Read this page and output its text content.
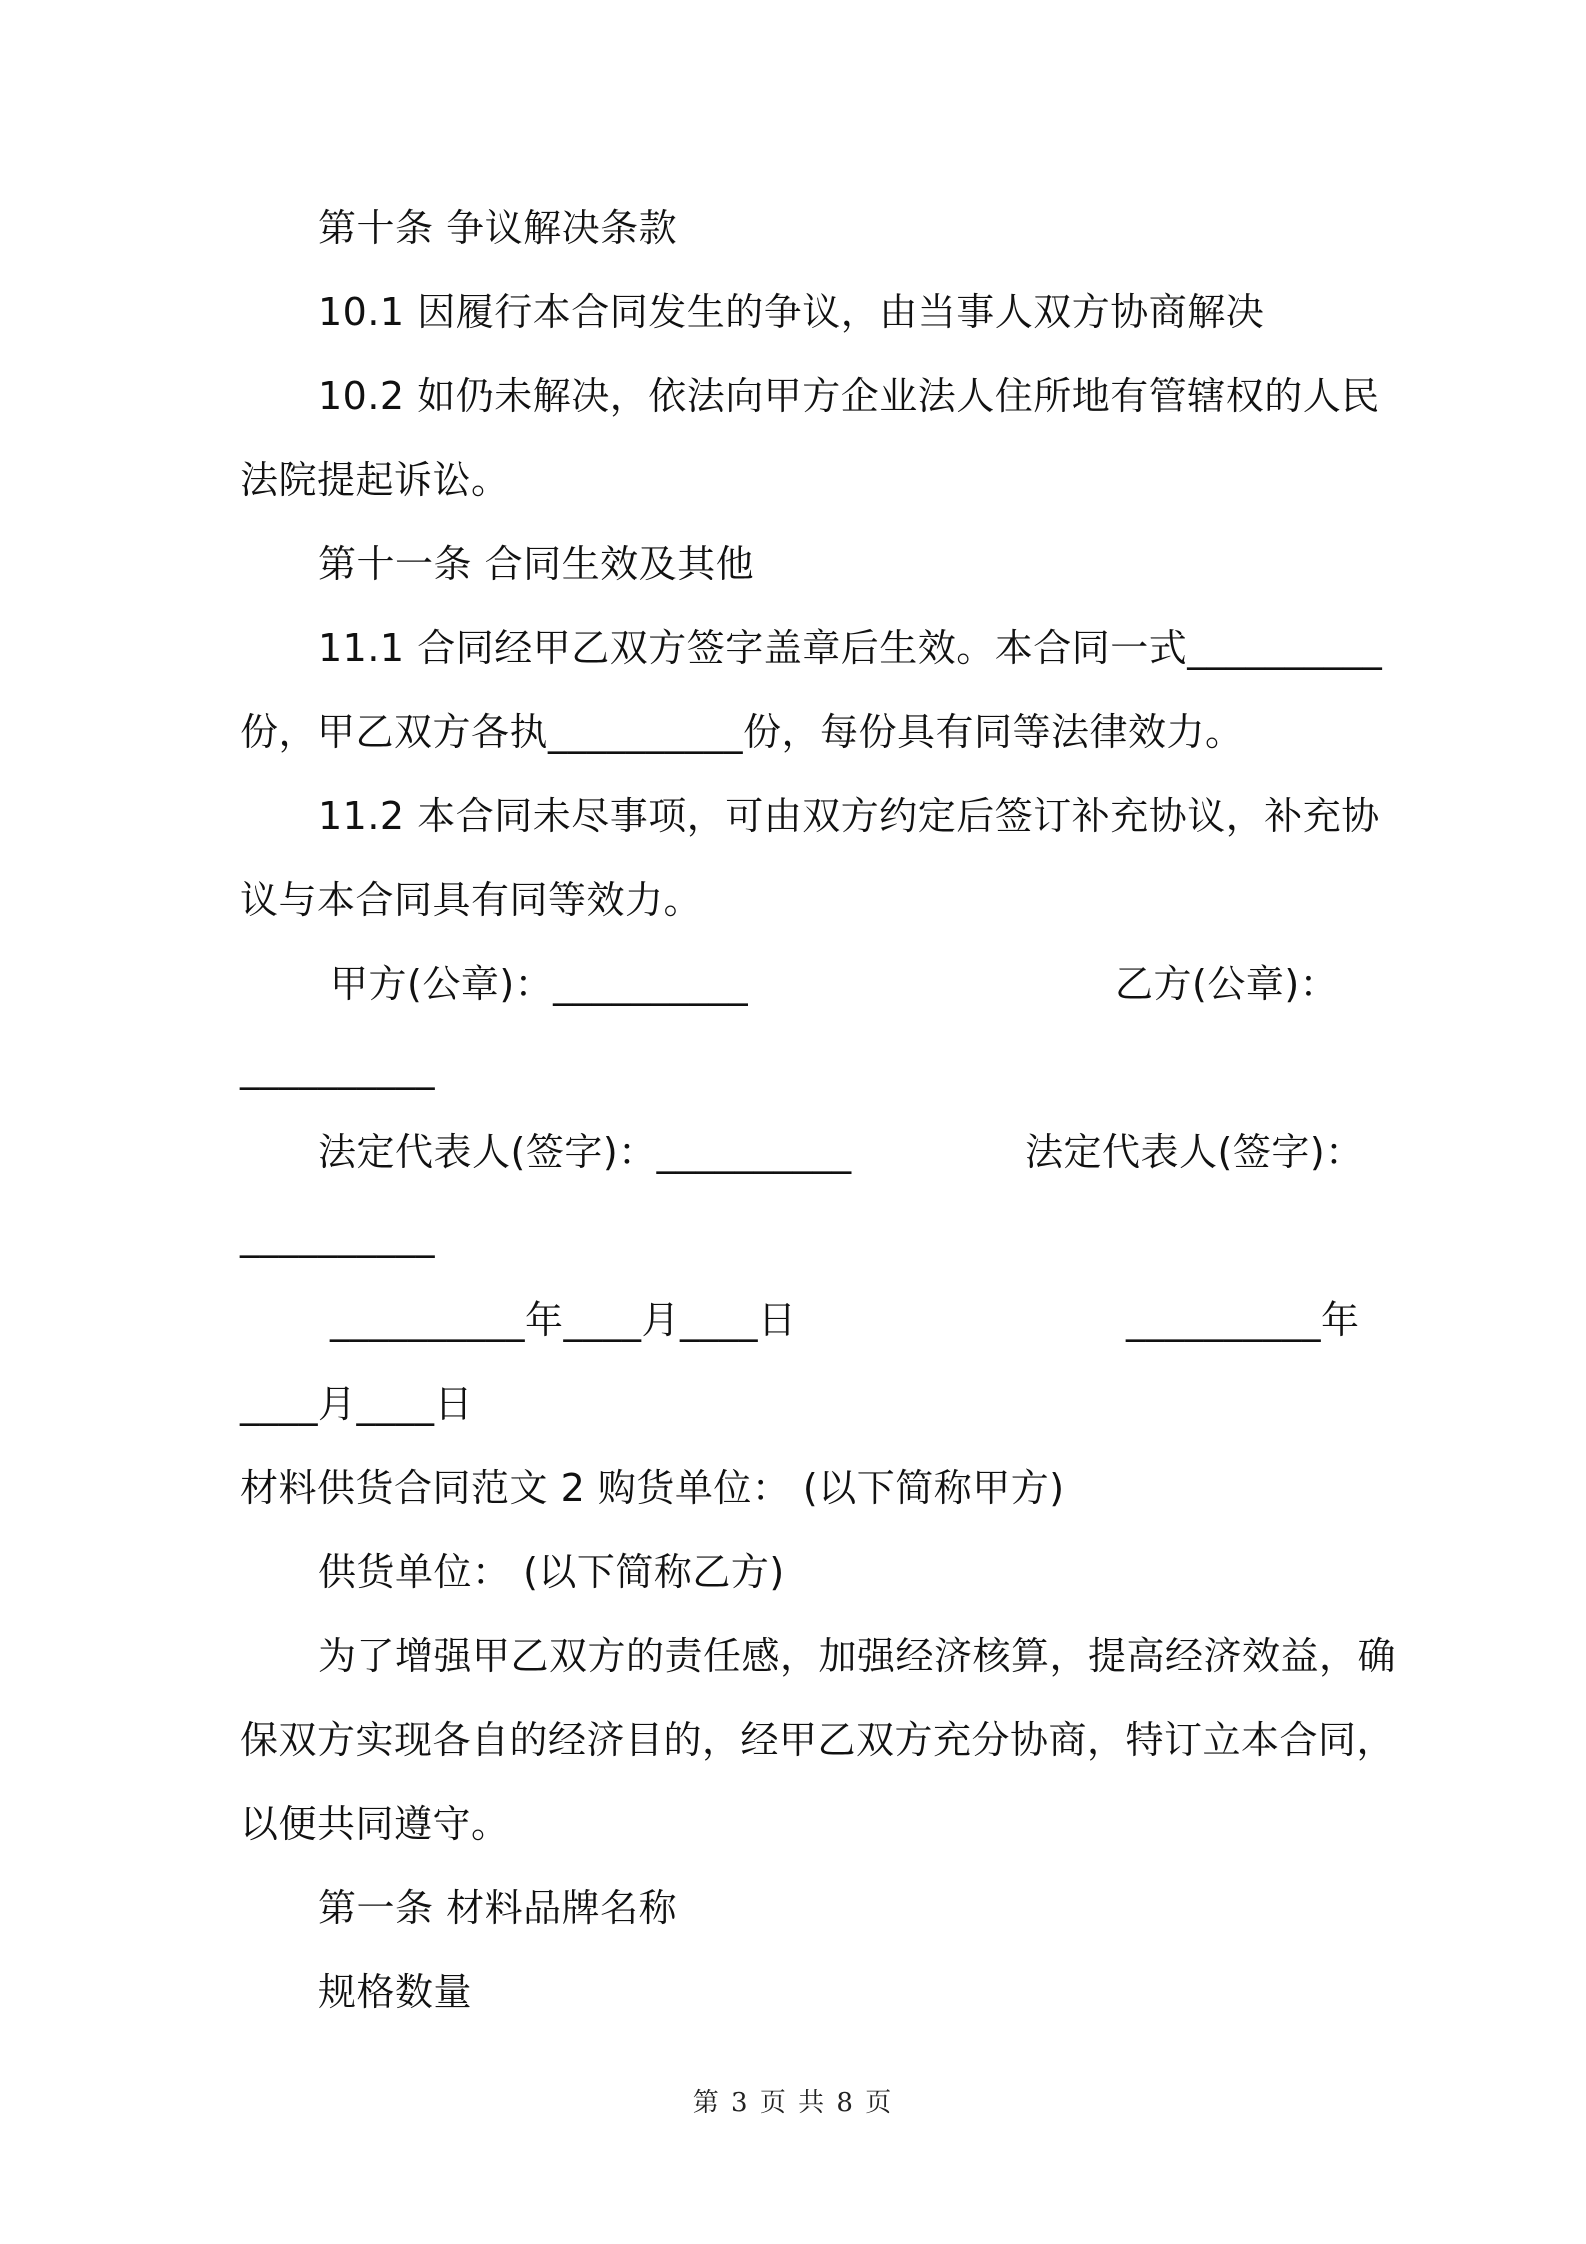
第十条 争议解决条款
10.1 因履行本合同发生的争议，由当事人双方协商解决
10.2 如仍未解决，依法向甲方企业法人住所地有管辖权的人民
法院提起诉讼。
第十一条 合同生效及其他
11.1 合同经甲乙双方签字盖章后生效。本合同一式__________
份，甲乙双方各执__________份，每份具有同等法律效力。
11.2 本合同未尽事项，可由双方约定后签订补充协议，补充协
议与本合同具有同等效力。
甲方(公章)：__________	乙方(公章)：
__________
法定代表人(签字)：__________	法定代表人(签字)：
__________
__________年____月____日	__________年
____月____日
材料供货合同范文 2 购货单位： (以下简称甲方)
供货单位： (以下简称乙方)
为了增强甲乙双方的责任感，加强经济核算，提高经济效益，确
保双方实现各自的经济目的，经甲乙双方充分协商，特订立本合同，
以便共同遵守。
第一条 材料品牌名称
规格数量
第 3 页 共 8 页
